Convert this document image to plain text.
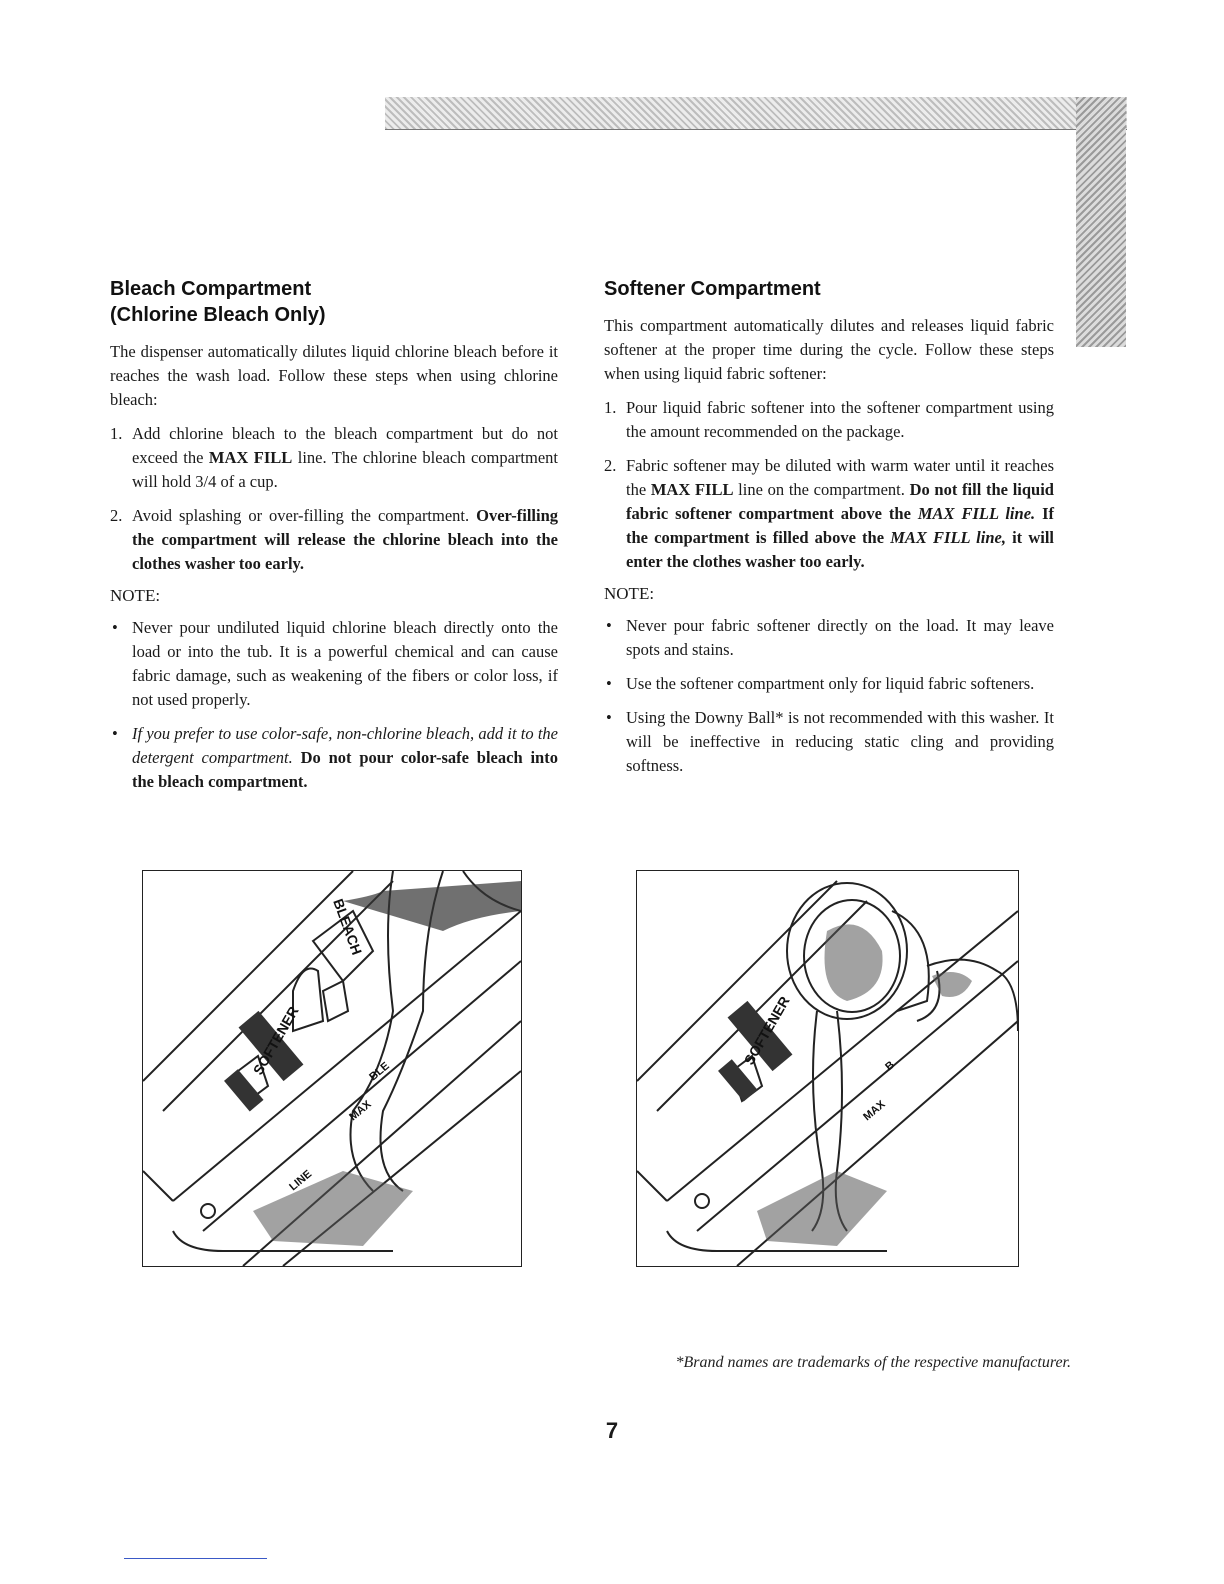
Bleach Compartment
(Chlorine Bleach Only)

The dispenser automatically dilutes liquid chlorine bleach before it reaches the wash load. Follow these steps when using chlorine bleach:

1. Add chlorine bleach to the bleach compartment but do not exceed the MAX FILL line. The chlorine bleach compartment will hold 3/4 of a cup.
2. Avoid splashing or over-filling the compartment. Over-filling the compartment will release the chlorine bleach into the clothes washer too early.
NOTE:
• Never pour undiluted liquid chlorine bleach directly onto the load or into the tub. It is a powerful chemical and can cause fabric damage, such as weakening of the fibers or color loss, if not used properly.
• If you prefer to use color-safe, non-chlorine bleach, add it to the detergent compartment. Do not pour color-safe bleach into the bleach compartment.
Softener Compartment

This compartment automatically dilutes and releases liquid fabric softener at the proper time during the cycle. Follow these steps when using liquid fabric softener:

1. Pour liquid fabric softener into the softener compartment using the amount recommended on the package.
2. Fabric softener may be diluted with warm water until it reaches the MAX FILL line on the compartment. Do not fill the liquid fabric softener compartment above the MAX FILL line. If the compartment is filled above the MAX FILL line, it will enter the clothes washer too early.
NOTE:
• Never pour fabric softener directly on the load. It may leave spots and stains.
• Use the softener compartment only for liquid fabric softeners.
• Using the Downy Ball* is not recommended with this washer. It will be ineffective in reducing static cling and providing softness.
SOFTENER
BLEACH
MAX
LINE
BLE
SOFTENER
MAX
B
*Brand names are trademarks of the respective manufacturer.
7
